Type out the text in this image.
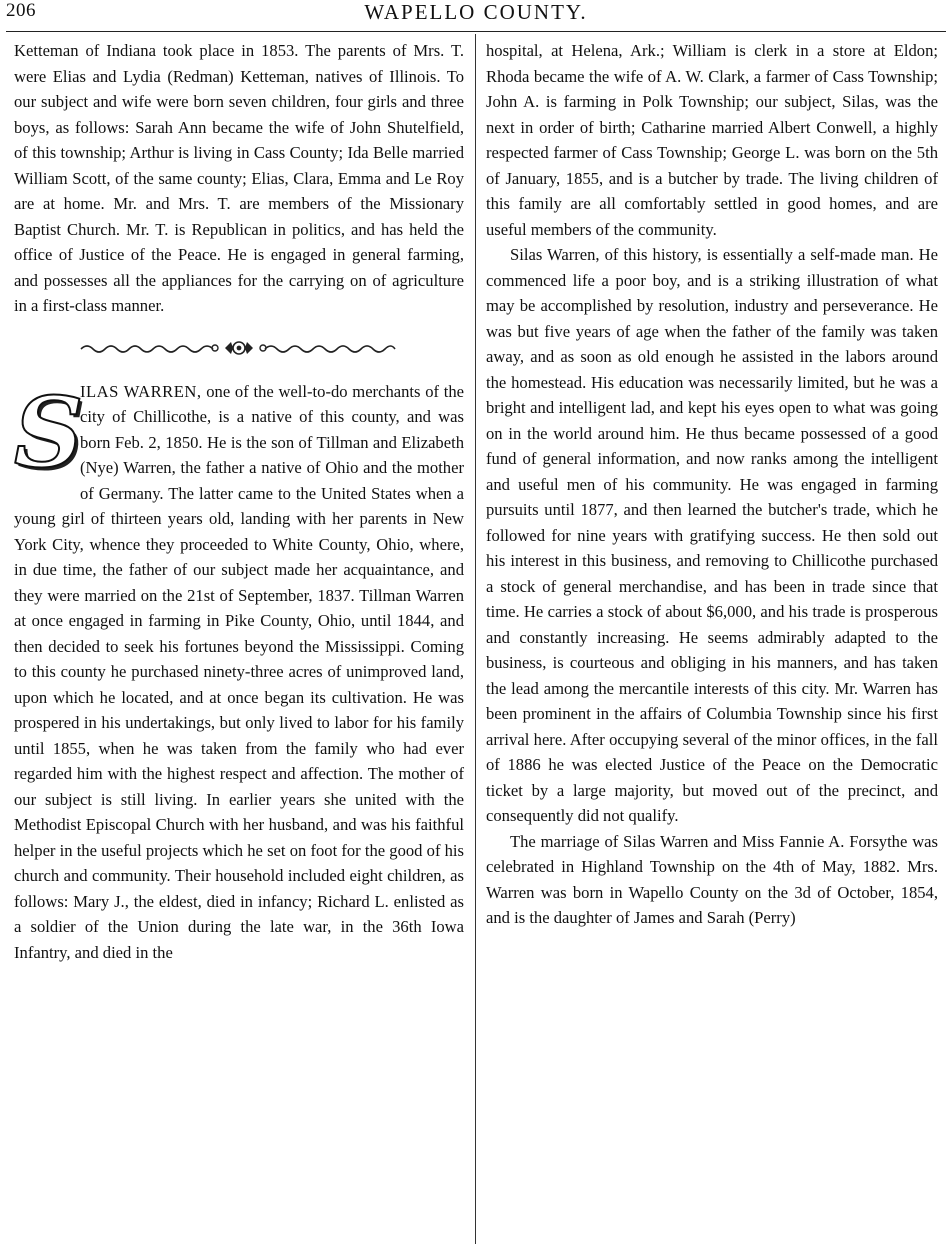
206	WAPELLO COUNTY.

Ketteman of Indiana took place in 1853. The parents of Mrs. T. were Elias and Lydia (Redman) Ketteman, natives of Illinois. To our subject and wife were born seven children, four girls and three boys, as follows: Sarah Ann became the wife of John Shutelfield, of this township; Arthur is living in Cass County; Ida Belle married William Scott, of the same county; Elias, Clara, Emma and Le Roy are at home. Mr. and Mrs. T. are members of the Missionary Baptist Church. Mr. T. is Republican in politics, and has held the office of Justice of the Peace. He is engaged in general farming, and possesses all the appliances for the carrying on of agriculture in a first-class manner.

S

ILAS WARREN, one of the well-to-do merchants of the city of Chillicothe, is a native of this county, and was born Feb. 2, 1850. He is the son of Tillman and Elizabeth (Nye) Warren, the father a native of Ohio and the mother of Germany. The latter came to the United States when a young girl of thirteen years old, landing with her parents in New York City, whence they proceeded to White County, Ohio, where, in due time, the father of our subject made her acquaintance, and they were married on the 21st of September, 1837. Tillman Warren at once engaged in farming in Pike County, Ohio, until 1844, and then decided to seek his fortunes beyond the Mississippi. Coming to this county he purchased ninety-three acres of unimproved land, upon which he located, and at once began its cultivation. He was prospered in his undertakings, but only lived to labor for his family until 1855, when he was taken from the family who had ever regarded him with the highest respect and affection. The mother of our subject is still living. In earlier years she united with the Methodist Episcopal Church with her husband, and was his faithful helper in the useful projects which he set on foot for the good of his church and community. Their household included eight children, as follows: Mary J., the eldest, died in infancy; Richard L. enlisted as a soldier of the Union during the late war, in the 36th Iowa Infantry, and died in the

hospital, at Helena, Ark.; William is clerk in a store at Eldon; Rhoda became the wife of A. W. Clark, a farmer of Cass Township; John A. is farming in Polk Township; our subject, Silas, was the next in order of birth; Catharine married Albert Conwell, a highly respected farmer of Cass Township; George L. was born on the 5th of January, 1855, and is a butcher by trade. The living children of this family are all comfortably settled in good homes, and are useful members of the community.

Silas Warren, of this history, is essentially a self-made man. He commenced life a poor boy, and is a striking illustration of what may be accomplished by resolution, industry and perseverance. He was but five years of age when the father of the family was taken away, and as soon as old enough he assisted in the labors around the homestead. His education was necessarily limited, but he was a bright and intelligent lad, and kept his eyes open to what was going on in the world around him. He thus became possessed of a good fund of general information, and now ranks among the intelligent and useful men of his community. He was engaged in farming pursuits until 1877, and then learned the butcher's trade, which he followed for nine years with gratifying success. He then sold out his interest in this business, and removing to Chillicothe purchased a stock of general merchandise, and has been in trade since that time. He carries a stock of about $6,000, and his trade is prosperous and constantly increasing. He seems admirably adapted to the business, is courteous and obliging in his manners, and has taken the lead among the mercantile interests of this city. Mr. Warren has been prominent in the affairs of Columbia Township since his first arrival here. After occupying several of the minor offices, in the fall of 1886 he was elected Justice of the Peace on the Democratic ticket by a large majority, but moved out of the precinct, and consequently did not qualify.

The marriage of Silas Warren and Miss Fannie A. Forsythe was celebrated in Highland Township on the 4th of May, 1882. Mrs. Warren was born in Wapello County on the 3d of October, 1854, and is the daughter of James and Sarah (Perry)
